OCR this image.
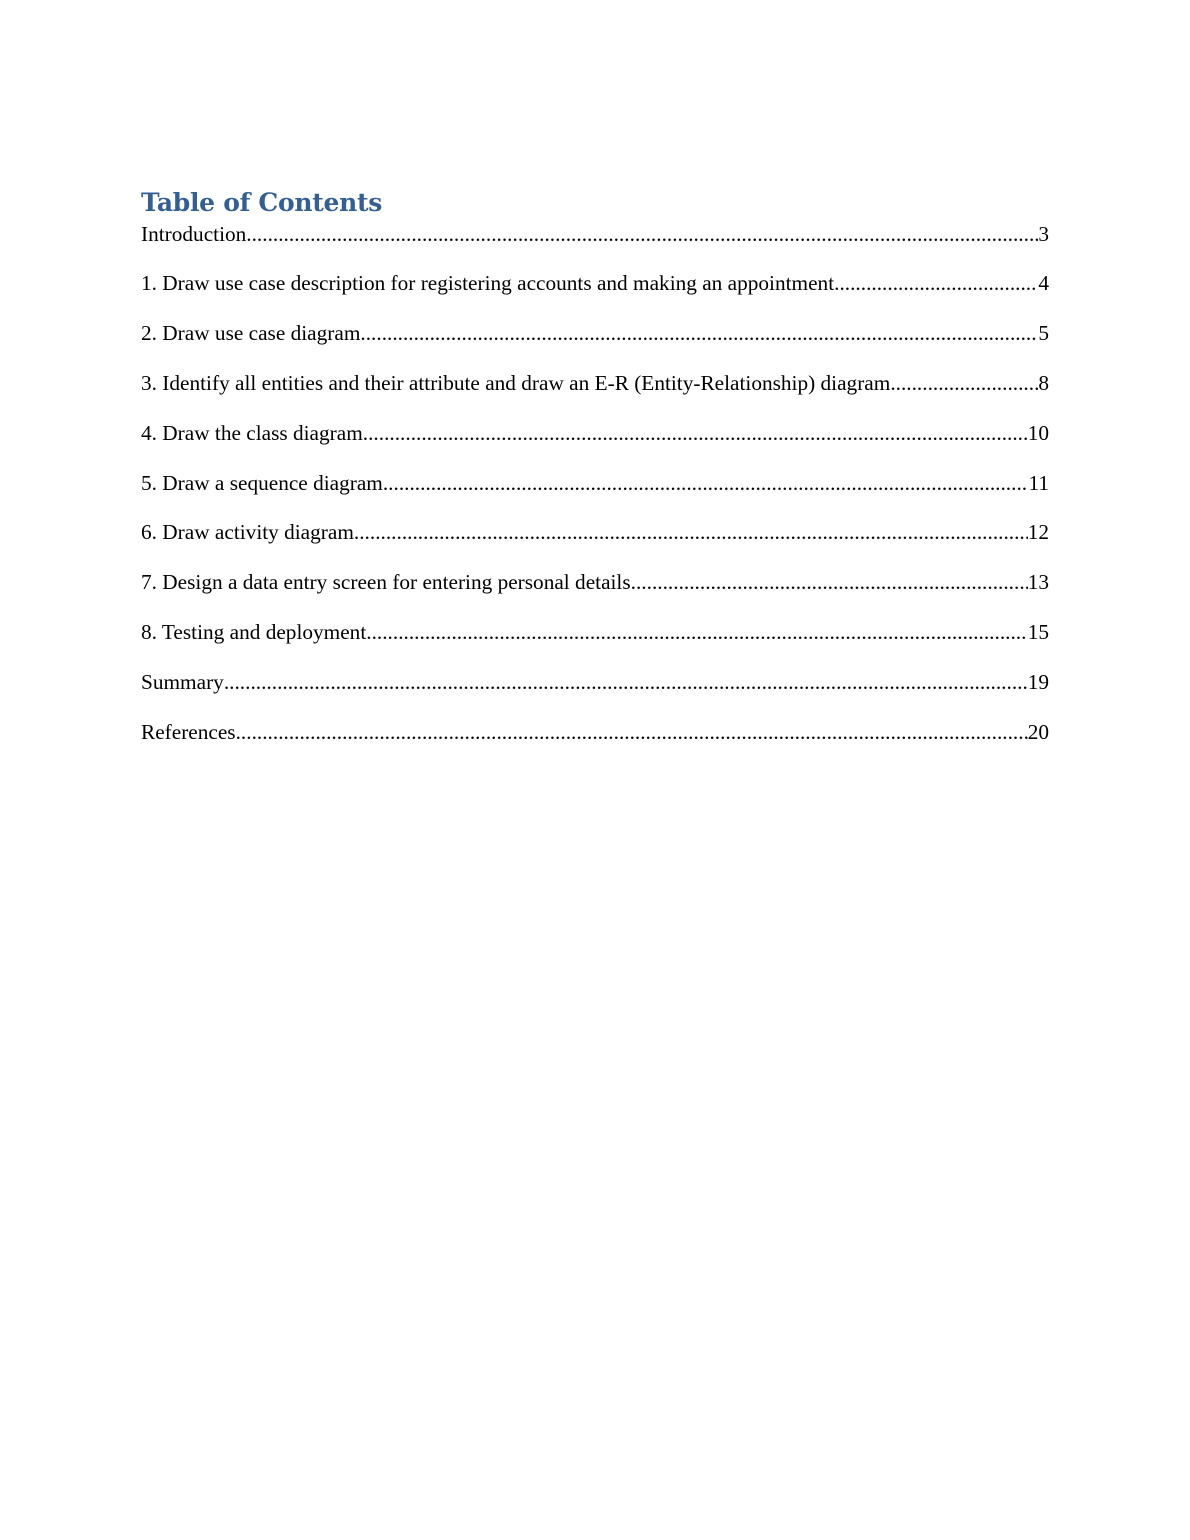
Table of Contents
Introduction .....	3
1. Draw use case description for registering accounts and making an appointment .....	4
2. Draw use case diagram .....	5
3. Identify all entities and their attribute and draw an E-R (Entity-Relationship) diagram .....	8
4. Draw the class diagram .....	10
5. Draw a sequence diagram .....	11
6. Draw activity diagram .....	12
7. Design a data entry screen for entering personal details .....	13
8. Testing and deployment .....	15
Summary .....	19
References .....	20
